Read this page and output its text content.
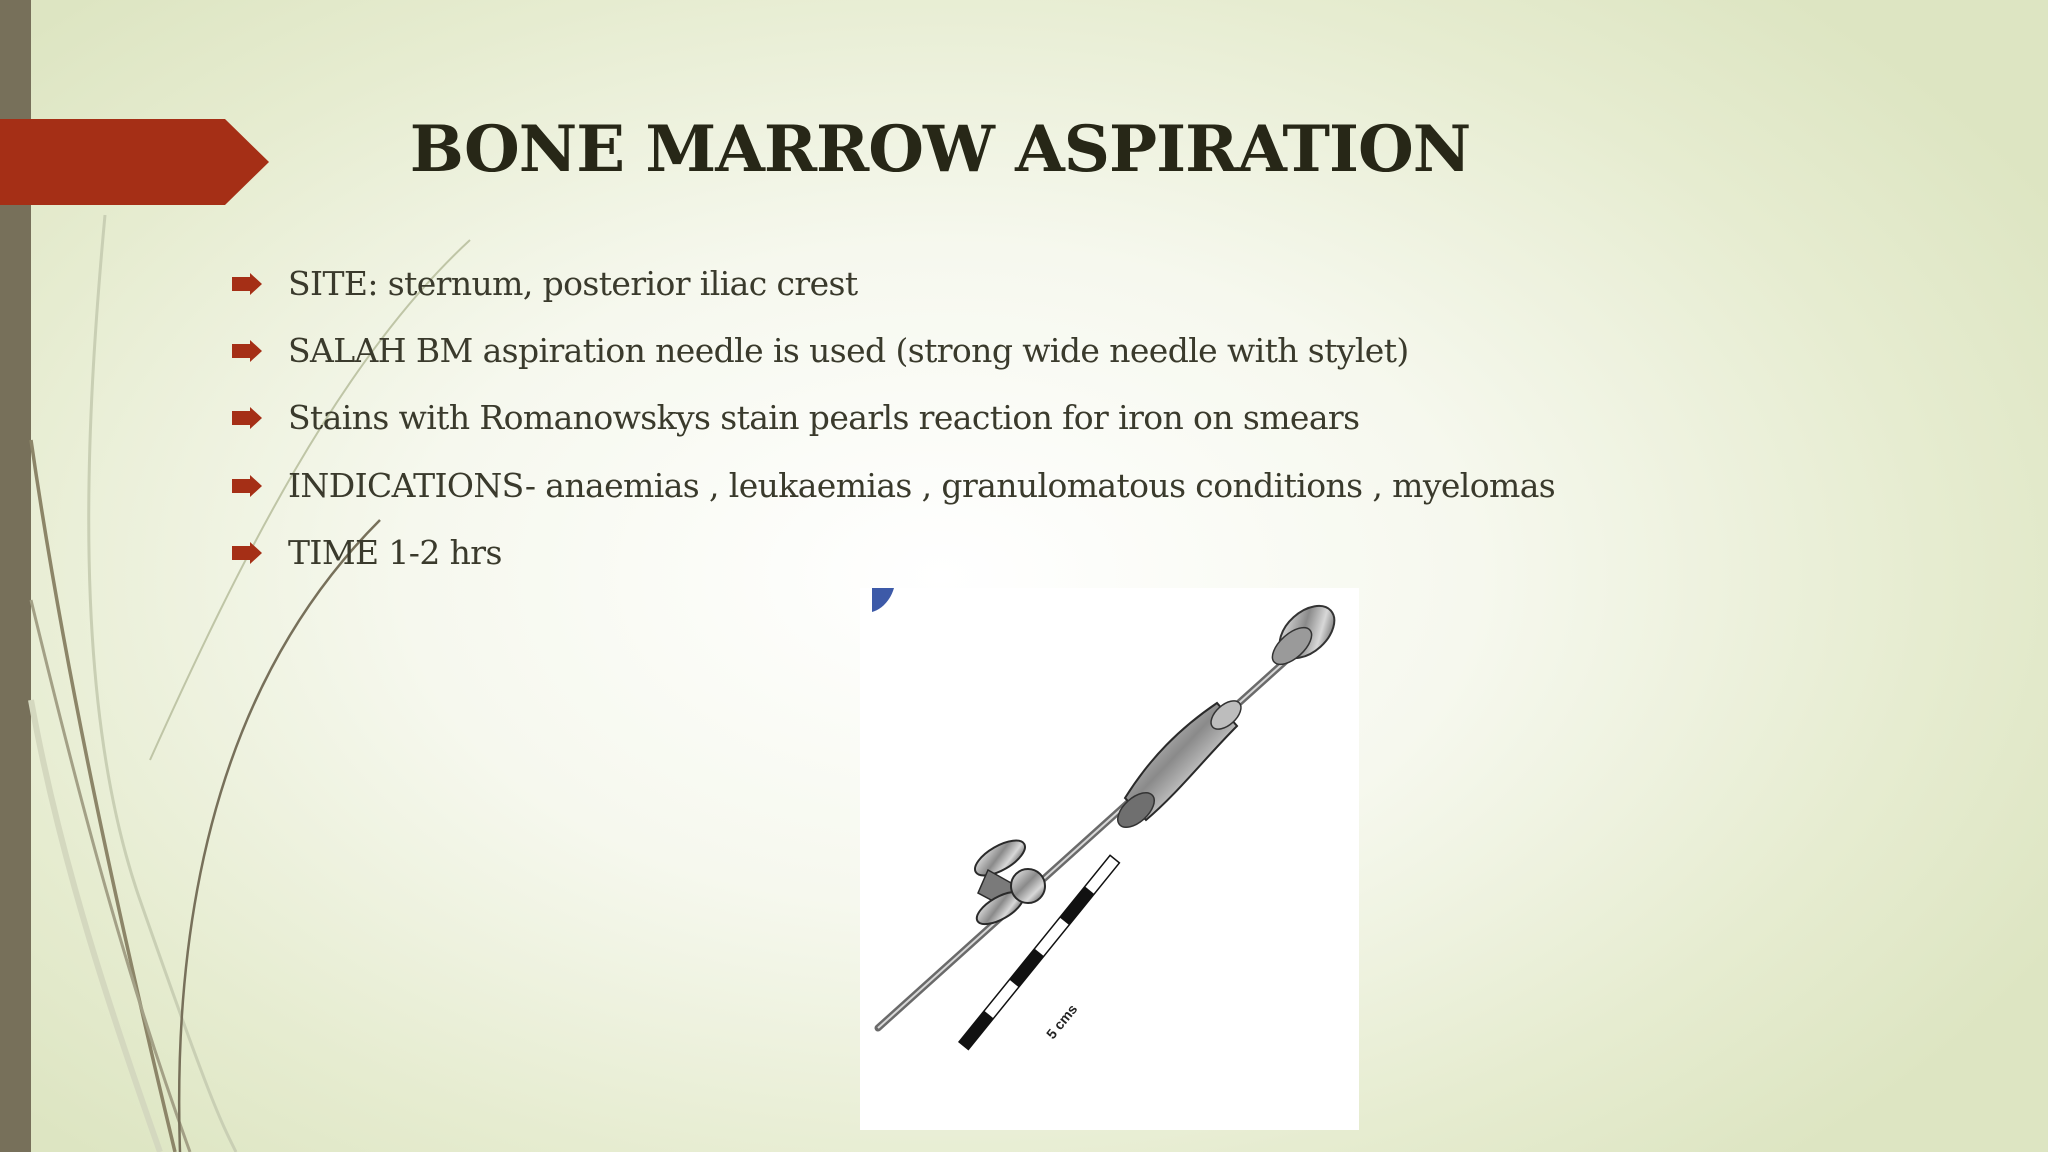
BONE MARROW ASPIRATION
SITE: sternum, posterior iliac crest
SALAH BM aspiration needle is used (strong wide needle with stylet)
Stains with Romanowskys stain pearls reaction for iron on smears
INDICATIONS- anaemias , leukaemias , granulomatous conditions , myelomas
TIME 1-2 hrs
5 cms
